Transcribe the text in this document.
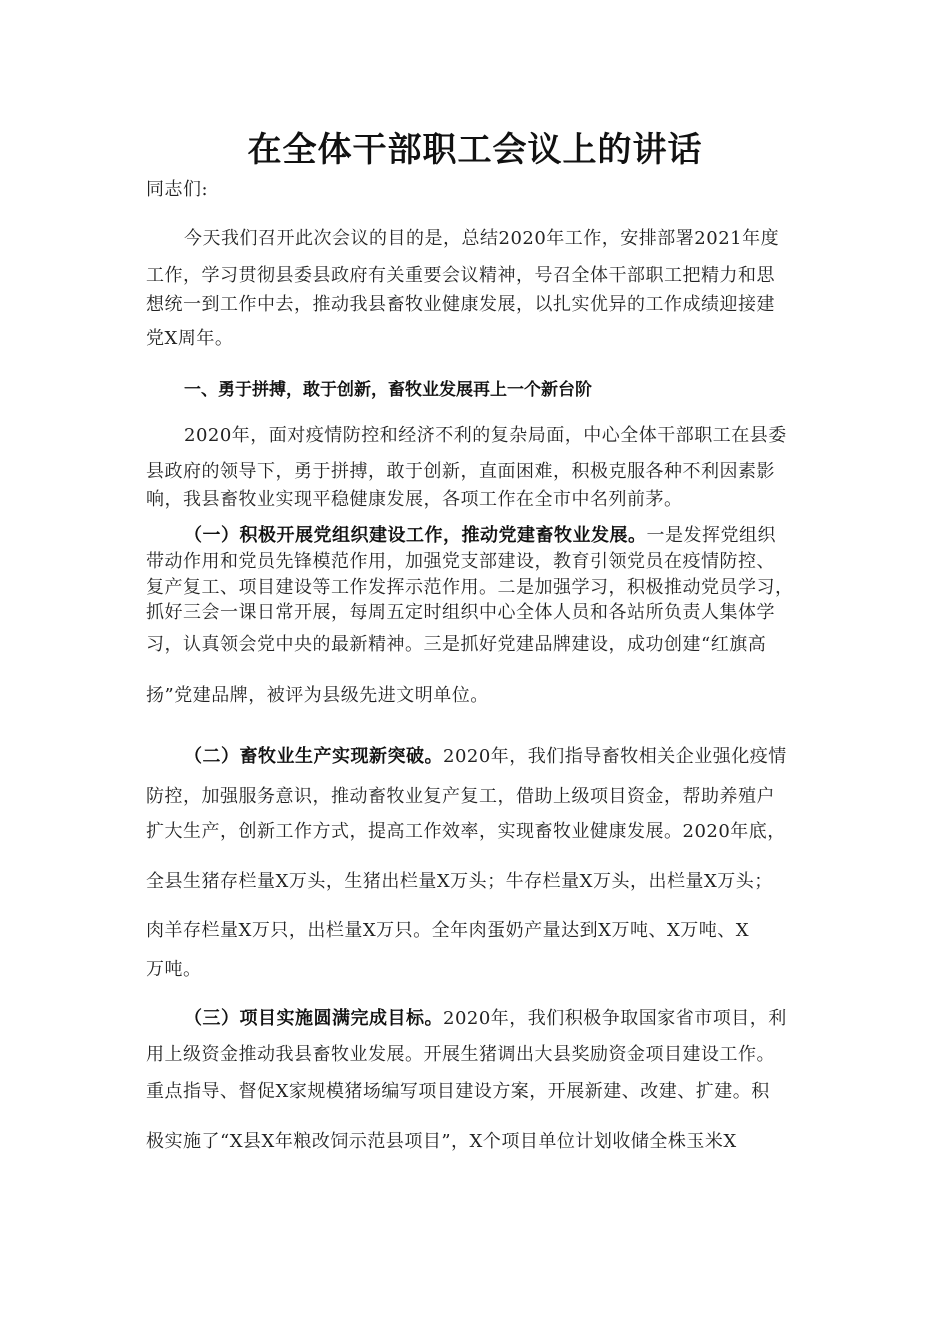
在全体干部职工会议上的讲话
同志们:
今天我们召开此次会议的目的是，总结2020年工作，安排部署2021年度
工作，学习贯彻县委县政府有关重要会议精神，号召全体干部职工把精力和思
想统一到工作中去，推动我县畜牧业健康发展，以扎实优异的工作成绩迎接建
党X周年。
一、勇于拼搏，敢于创新，畜牧业发展再上一个新台阶
2020年，面对疫情防控和经济不利的复杂局面，中心全体干部职工在县委
县政府的领导下，勇于拼搏，敢于创新，直面困难，积极克服各种不利因素影
响，我县畜牧业实现平稳健康发展，各项工作在全市中名列前茅。
（一）积极开展党组织建设工作，推动党建畜牧业发展。一是发挥党组织
带动作用和党员先锋模范作用，加强党支部建设，教育引领党员在疫情防控、
复产复工、项目建设等工作发挥示范作用。二是加强学习，积极推动党员学习，
抓好三会一课日常开展，每周五定时组织中心全体人员和各站所负责人集体学
习，认真领会党中央的最新精神。三是抓好党建品牌建设，成功创建“红旗高
扬”党建品牌，被评为县级先进文明单位。
（二）畜牧业生产实现新突破。2020年，我们指导畜牧相关企业强化疫情
防控，加强服务意识，推动畜牧业复产复工，借助上级项目资金，帮助养殖户
扩大生产，创新工作方式，提高工作效率，实现畜牧业健康发展。2020年底，
全县生猪存栏量X万头，生猪出栏量X万头；牛存栏量X万头，出栏量X万头；
肉羊存栏量X万只，出栏量X万只。全年肉蛋奶产量达到X万吨、X万吨、X
万吨。
（三）项目实施圆满完成目标。2020年，我们积极争取国家省市项目，利
用上级资金推动我县畜牧业发展。开展生猪调出大县奖励资金项目建设工作。
重点指导、督促X家规模猪场编写项目建设方案，开展新建、改建、扩建。积
极实施了“X县X年粮改饲示范县项目”，X个项目单位计划收储全株玉米X
